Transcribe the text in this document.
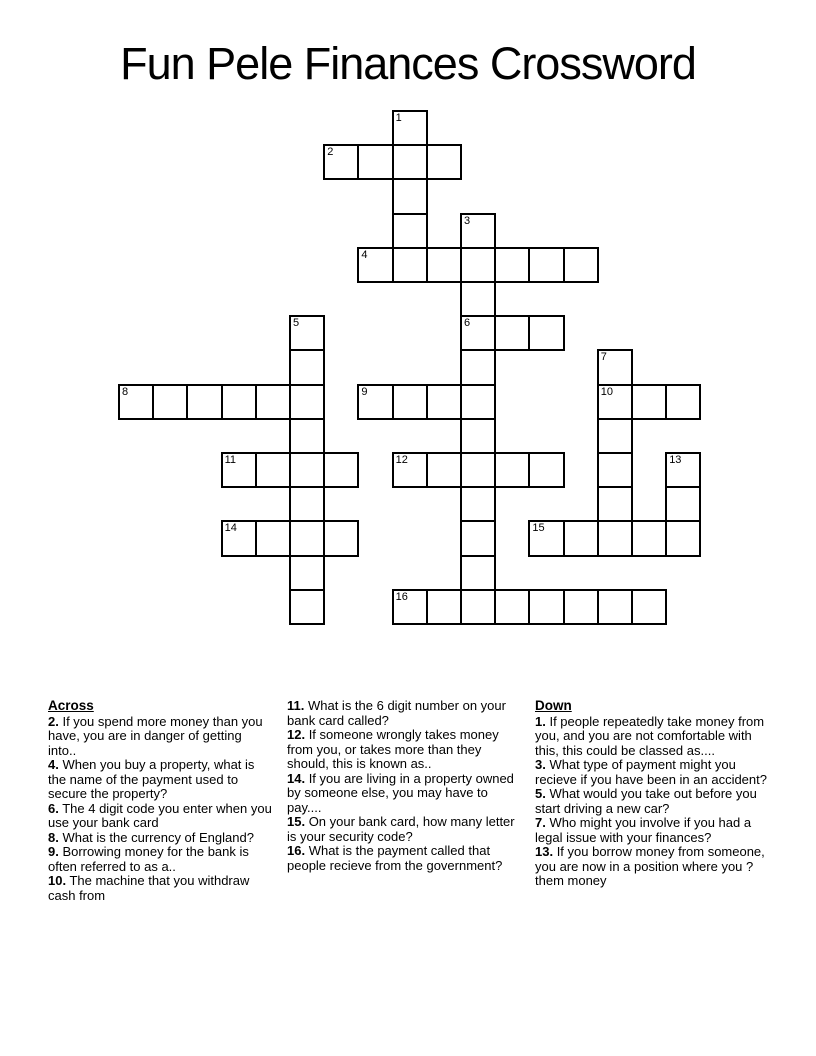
Fun Pele Finances Crossword
1
2
3
6
4
5
7
10
8	9
11	12	13
14	15
16
Across

2. If you spend more money than you have, you are in danger of getting into..

4. When you buy a property, what is the name of the payment used to secure the property?

6. The 4 digit code you enter when you use your bank card

8. What is the currency of England?

9. Borrowing money for the bank is often referred to as a..

10. The machine that you withdraw cash from

11. What is the 6 digit number on your bank card called?

12. If someone wrongly takes money from you, or takes more than they should, this is known as..

14. If you are living in a property owned by someone else, you may have to pay....

15. On your bank card, how many letter is your security code?

16. What is the payment called that people recieve from the government?

Down

1. If people repeatedly take money from you, and you are not comfortable with this, this could be classed as....

3. What type of payment might you recieve if you have been in an accident?

5. What would you take out before you start driving a new car?

7. Who might you involve if you had a legal issue with your finances?

13. If you borrow money from someone, you are now in a position where you ? them money
